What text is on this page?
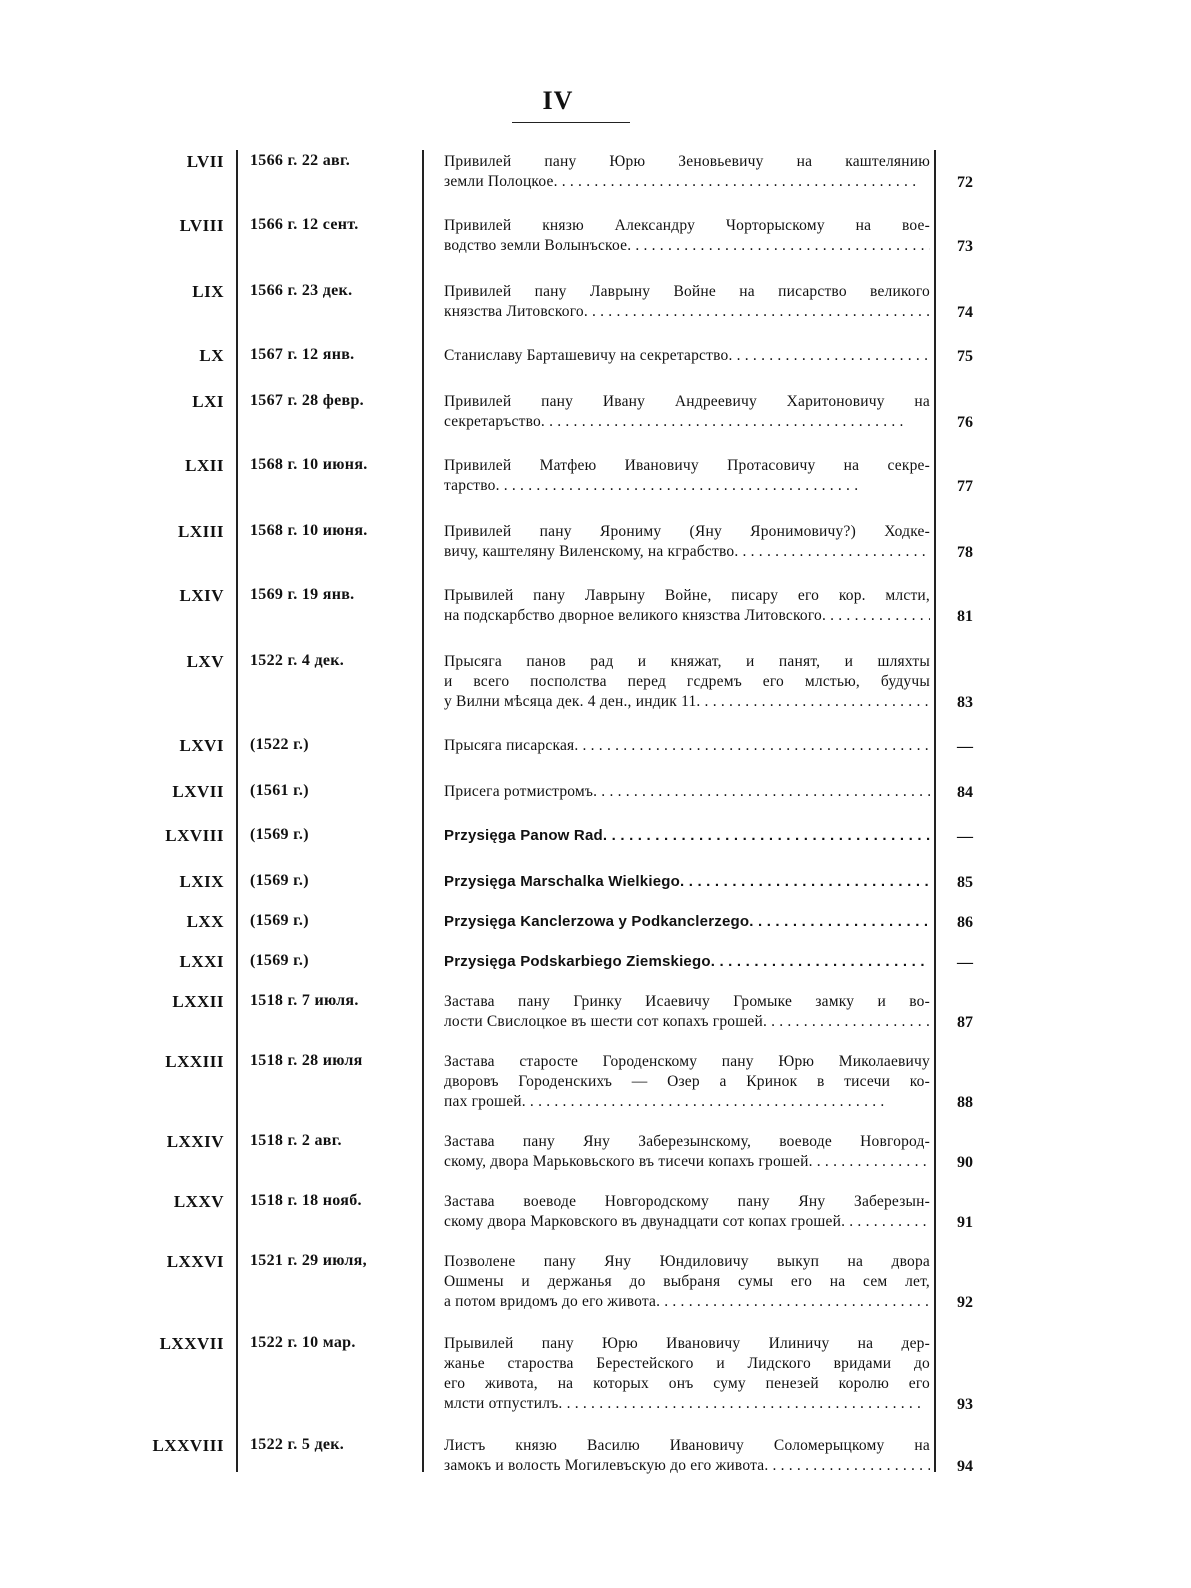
IV
LVII 1566 г. 22 авг.	Привилей пану Юрю Зеновьевичу на каштелянию
земли Полоцкое. . . .	72
LVIII 1566 г. 12 сент.	Привилей князю Александру Чорторыскому на вое-
водство земли Волынъское. . . .	73
LIX 1566 г. 23 дек.	Привилей пану Лаврыну Войне на писарство великого
князства Литовского. . . .	74
LX 1567 г. 12 янв.	Станиславу Барташевичу на секретарство. . . .	75
LXI 1567 г. 28 февр.	Привилей пану Ивану Андреевичу Харитоновичу на
секретаръство. . . .	76
LXII 1568 г. 10 июня.	Привилей Матфею Ивановичу Протасовичу на секре-
тарство. . . .	77
LXIII 1568 г. 10 июня.	Привилей пану Ярониму (Яну Яронимовичу?) Ходке-
вичу, каштеляну Виленскому, на кграбство. . . .	78
LXIV 1569 г. 19 янв.	Прывилей пану Лаврыну Войне, писару его кор. млсти,
на подскарбство дворное великого князства Литовского. . . .	81
LXV 1522 г. 4 дек.	Прысяга панов рад и княжат, и панят, и шляхты
и всего посполства перед гсдремъ его млстью, будучы
у Вилни мѣсяца дек. 4 ден., индик 11. . . .	83
LXVI (1522 г.)	Прысяга писарская. . . .	—
LXVII (1561 г.)	Присега ротмистромъ. . . .	84
LXVIII (1569 г.)	Przysięga Panow Rad. . . .	—
LXIX (1569 г.)	Przysięga Marschalka Wielkiego. . . .	85
LXX (1569 г.)	Przysięga Kanclerzowa y Podkanclerzego. . . .	86
LXXI (1569 г.)	Przysięga Podskarbiego Ziemskiego. . . .	—
LXXII 1518 г. 7 июля.	Застава пану Гринку Исаевичу Громыке замку и во-
лости Свислоцкое въ шести сот копахъ грошей. . . .	87
LXXIII 1518 г. 28 июля	Застава старосте Городенскому пану Юрю Миколаевичу
дворовъ Городенскихъ — Озер а Кринок в тисечи ко-
пах грошей. . . .	88
LXXIV 1518 г. 2 авг.	Застава пану Яну Заберезынскому, воеводе Новгород-
скому, двора Марьковьского въ тисечи копахъ грошей. . . .	90
LXXV 1518 г. 18 нояб.	Застава воеводе Новгородскому пану Яну Заберезын-
скому двора Марковского въ двунадцати сот копах грошей. . . .	91
LXXVI 1521 г. 29 июля,	Позволене пану Яну Юндиловичу выкуп на двора
Ошмены и держанья до выбраня сумы его на сем лет,
а потом вридомъ до его живота. . . .	92
LXXVII 1522 г. 10 мар.	Прывилей пану Юрю Ивановичу Илиничу на дер-
жанье староства Берестейского и Лидского вридами до
его живота, на которых онъ суму пенезей королю его
млсти отпустилъ. . . .	93
LXXVIII 1522 г. 5 дек.	Листъ князю Василю Ивановичу Соломерыцкому на
замокъ и волость Могилевъскую до его живота. . . .	94
